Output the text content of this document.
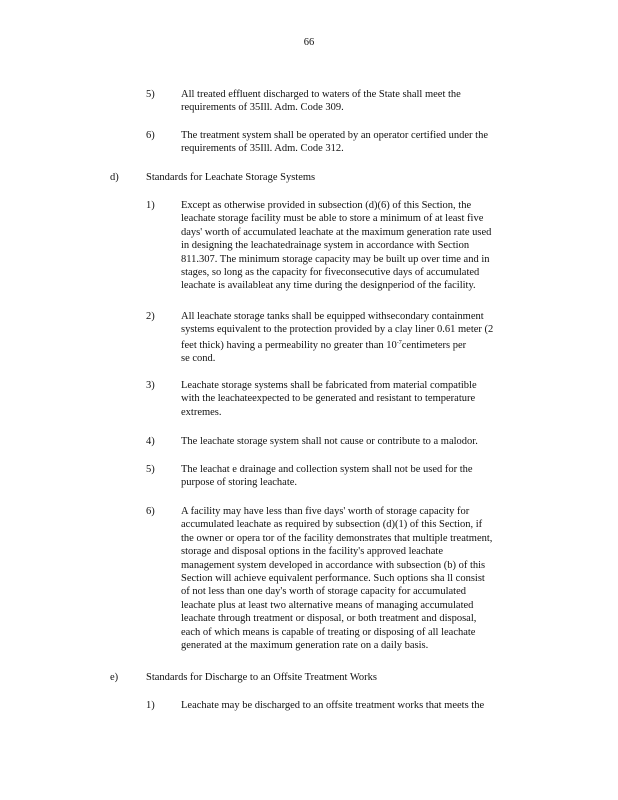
66
5)	All treated effluent discharged to waters of the State shall meet the
requirements of 35Ill. Adm. Code 309.
6)	The treatment system shall be operated by an operator certified under the
requirements of 35Ill. Adm. Code 312.
d)	Standards for Leachate Storage Systems
1)	Except as otherwise provided in subsection (d)(6) of this Section, the
leachate storage facility must be able to store a minimum of at least five
days' worth of accumulated leachate at the maximum generation rate used
in designing the leachatedrainage system in accordance with Section
811.307. The minimum storage capacity may be built up over time and in
stages, so long as the capacity for fiveconsecutive days of accumulated
leachate is availableat any time during the designperiod of the facility.
2)	All leachate storage tanks shall be equipped withsecondary containment
systems equivalent to the protection provided by a clay liner 0.61 meter (2
feet thick) having a permeability no greater than $10^{-7}centimeters$ per
se cond.
3)	Leachate storage systems shall be fabricated from material compatible
with the leachateexpected to be generated and resistant to temperature
extremes.
4)	The leachate storage system shall not cause or contribute to a malodor.
5)	The leachat e drainage and collection system shall not be used for the
purpose of storing leachate.
6)	A facility may have less than five days' worth of storage capacity for
accumulated leachate as required by subsection (d)(1) of this Section, if
the owner or opera tor of the facility demonstrates that multiple treatment,
storage and disposal options in the facility's approved leachate
management system developed in accordance with subsection (b) of this
Section will achieve equivalent performance. Such options sha ll consist
of not less than one day's worth of storage capacity for accumulated
leachate plus at least two alternative means of managing accumulated
leachate through treatment or disposal, or both treatment and disposal,
each of which means is capable of treating or disposing of all leachate
generated at the maximum generation rate on a daily basis.
e)	Standards for Discharge to an Offsite Treatment Works
1)	Leachate may be discharged to an offsite treatment works that meets the
